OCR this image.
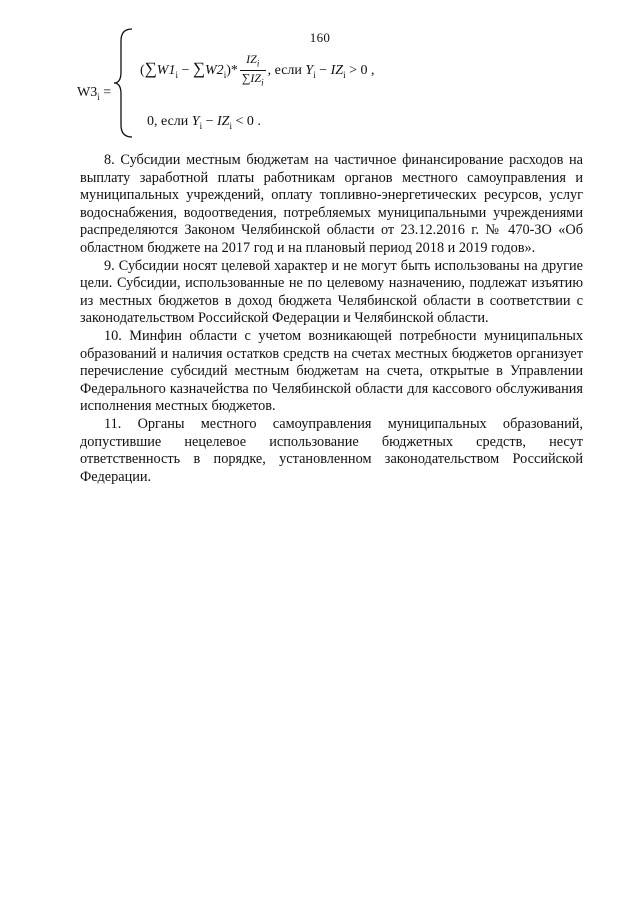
160
$W3_i$ =
$(\sum W1_i - \sum W2_i)* \frac{IZ_i}{\sum IZ_i}$ , если $Y_i - IZ_i > 0$ ,
0, если $Y_i - IZ_i < 0$ .

8. Субсидии местным бюджетам на частичное финансирование расходов на выплату заработной платы работникам органов местного самоуправления и муниципальных учреждений, оплату топливно-энергетических ресурсов, услуг водоснабжения, водоотведения, потребляемых муниципальными учреждениями распределяются Законом Челябинской области от 23.12.2016 г. № 470-ЗО «Об областном бюджете на 2017 год и на плановый период 2018 и 2019 годов».

9. Субсидии носят целевой характер и не могут быть использованы на другие цели. Субсидии, использованные не по целевому назначению, подлежат изъятию из местных бюджетов в доход бюджета Челябинской области в соответствии с законодательством Российской Федерации и Челябинской области.

10. Минфин области с учетом возникающей потребности муниципальных образований и наличия остатков средств на счетах местных бюджетов организует перечисление субсидий местным бюджетам на счета, открытые в Управлении Федерального казначейства по Челябинской области для кассового обслуживания исполнения местных бюджетов.

11. Органы местного самоуправления муниципальных образований, допустившие нецелевое использование бюджетных средств, несут ответственность в порядке, установленном законодательством Российской Федерации.
